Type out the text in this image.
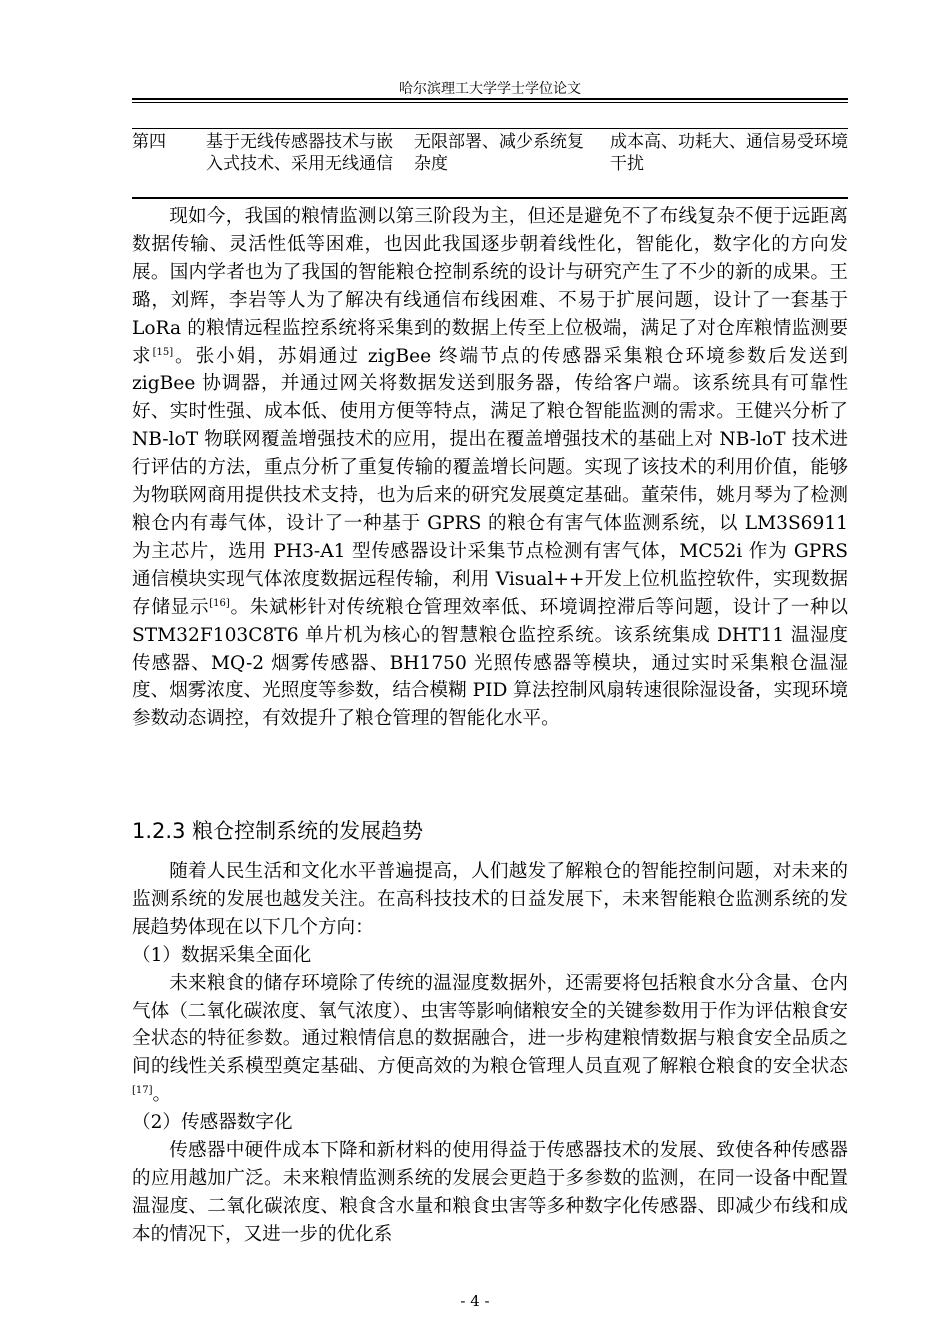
哈尔滨理工大学学士学位论文
第四	基于无线传感器技术与嵌入式技术、采用无线通信
无限部署、减少系统复杂度
成本高、功耗大、通信易受环境干扰

现如今，我国的粮情监测以第三阶段为主，但还是避免不了布线复杂不便于远距离数据传输、灵活性低等困难，也因此我国逐步朝着线性化，智能化，数字化的方向发展。国内学者也为了我国的智能粮仓控制系统的设计与研究产生了不少的新的成果。王璐，刘辉，李岩等人为了解决有线通信布线困难、不易于扩展问题，设计了一套基于 LoRa 的粮情远程监控系统将采集到的数据上传至上位极端，满足了对仓库粮情监测要求[15]。张小娟，苏娟通过 zigBee 终端节点的传感器采集粮仓环境参数后发送到 zigBee 协调器，并通过网关将数据发送到服务器，传给客户端。该系统具有可靠性好、实时性强、成本低、使用方便等特点，满足了粮仓智能监测的需求。王健兴分析了 NB-loT 物联网覆盖增强技术的应用，提出在覆盖增强技术的基础上对 NB-loT 技术进行评估的方法，重点分析了重复传输的覆盖增长问题。实现了该技术的利用价值，能够为物联网商用提供技术支持，也为后来的研究发展奠定基础。董荣伟，姚月琴为了检测粮仓内有毒气体，设计了一种基于 GPRS 的粮仓有害气体监测系统，以 LM3S6911 为主芯片，选用 PH3-A1 型传感器设计采集节点检测有害气体，MC52i 作为 GPRS 通信模块实现气体浓度数据远程传输，利用 Visual++开发上位机监控软件，实现数据存储显示[16]。朱斌彬针对传统粮仓管理效率低、环境调控滞后等问题，设计了一种以 STM32F103C8T6 单片机为核心的智慧粮仓监控系统。该系统集成 DHT11 温湿度传感器、MQ-2 烟雾传感器、BH1750 光照传感器等模块，通过实时采集粮仓温湿度、烟雾浓度、光照度等参数，结合模糊 PID 算法控制风扇转速很除湿设备，实现环境参数动态调控，有效提升了粮仓管理的智能化水平。

1.2.3 粮仓控制系统的发展趋势

随着人民生活和文化水平普遍提高，人们越发了解粮仓的智能控制问题，对未来的监测系统的发展也越发关注。在高科技技术的日益发展下，未来智能粮仓监测系统的发展趋势体现在以下几个方向：

（1）数据采集全面化

未来粮食的储存环境除了传统的温湿度数据外，还需要将包括粮食水分含量、仓内气体（二氧化碳浓度、氧气浓度）、虫害等影响储粮安全的关键参数用于作为评估粮食安全状态的特征参数。通过粮情信息的数据融合，进一步构建粮情数据与粮食安全品质之间的线性关系模型奠定基础、方便高效的为粮仓管理人员直观了解粮仓粮食的安全状态[17]。

（2）传感器数字化

传感器中硬件成本下降和新材料的使用得益于传感器技术的发展、致使各种传感器的应用越加广泛。未来粮情监测系统的发展会更趋于多参数的监测，在同一设备中配置温湿度、二氧化碳浓度、粮食含水量和粮食虫害等多种数字化传感器、即减少布线和成本的情况下，又进一步的优化系

- 4 -
